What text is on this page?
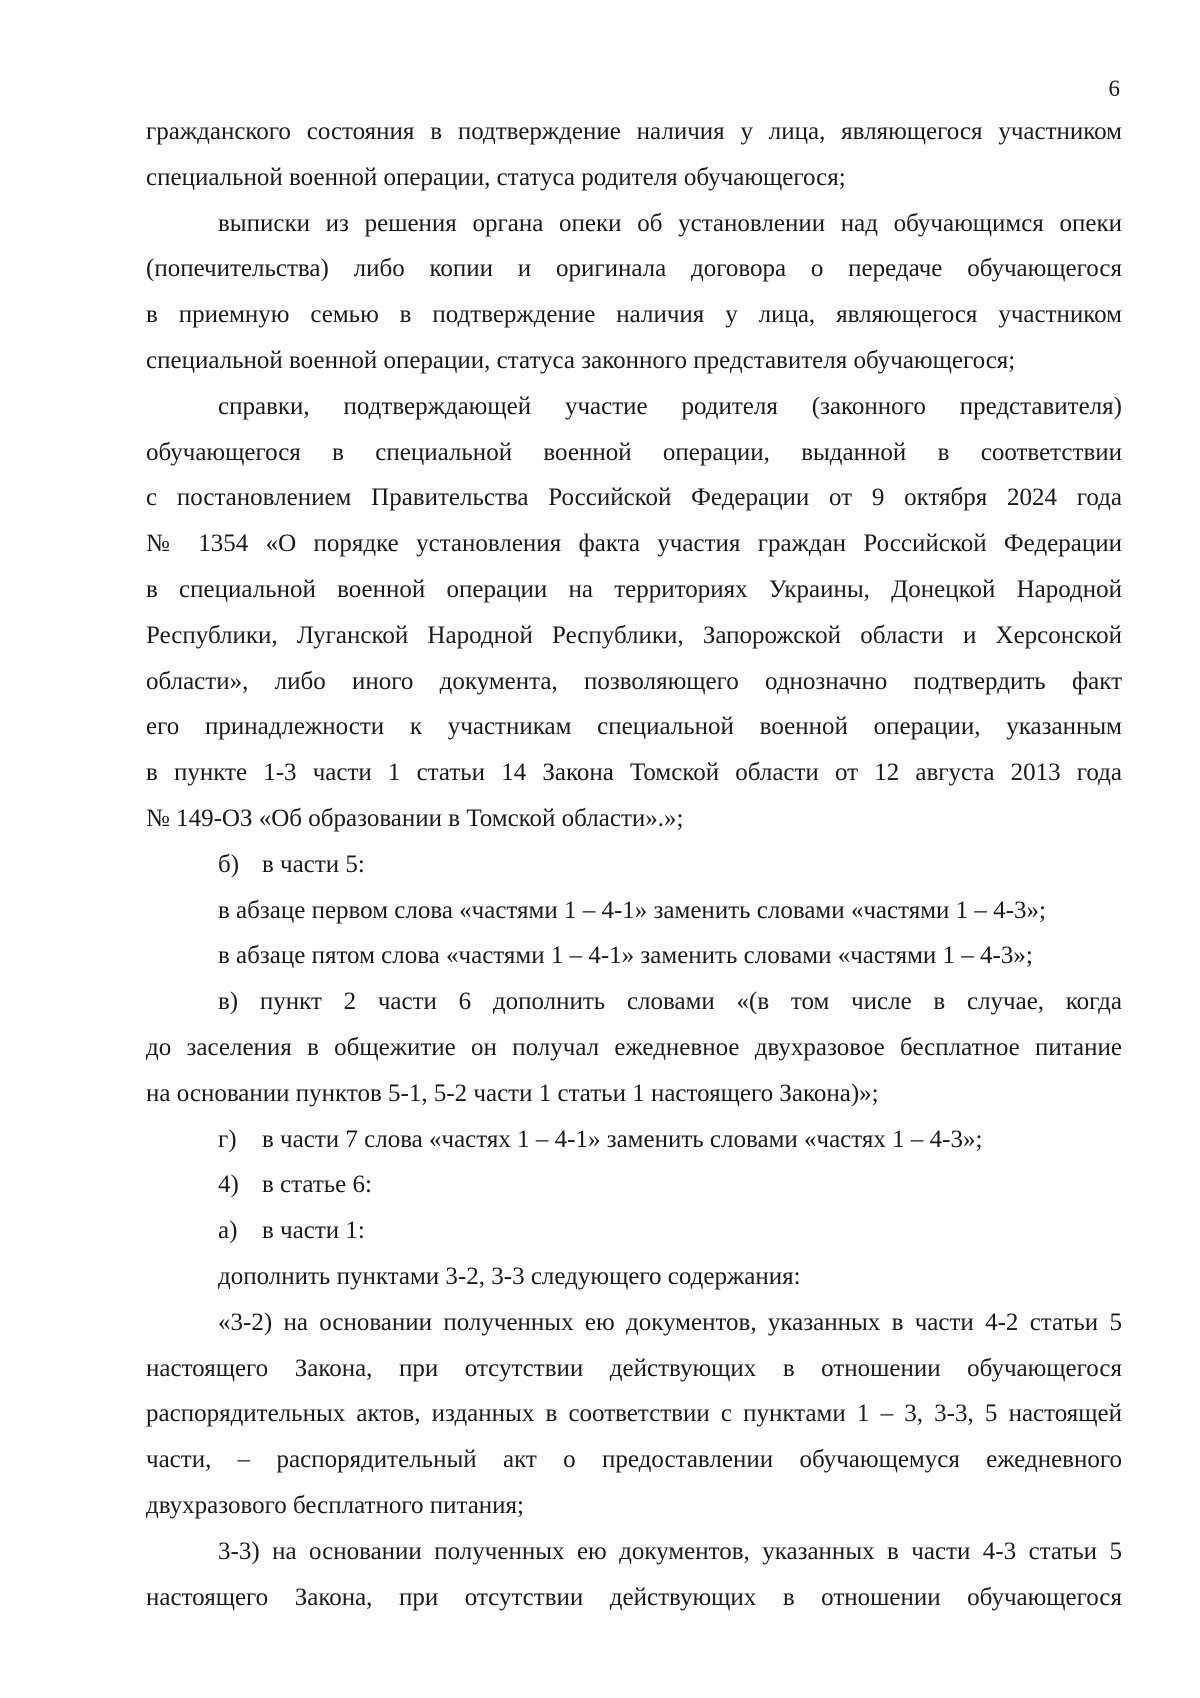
6

гражданского состояния в подтверждение наличия у лица, являющегося участником

специальной военной операции, статуса родителя обучающегося;

выписки из решения органа опеки об установлении над обучающимся опеки

(попечительства) либо копии и оригинала договора о передаче обучающегося

в приемную семью в подтверждение наличия у лица, являющегося участником

специальной военной операции, статуса законного представителя обучающегося;

справки, подтверждающей участие родителя (законного представителя)

обучающегося в специальной военной операции, выданной в соответствии

с постановлением Правительства Российской Федерации от 9 октября 2024 года

№ 1354 «О порядке установления факта участия граждан Российской Федерации

в специальной военной операции на территориях Украины, Донецкой Народной

Республики, Луганской Народной Республики, Запорожской области и Херсонской

области», либо иного документа, позволяющего однозначно подтвердить факт

его принадлежности к участникам специальной военной операции, указанным

в пункте 1-3 части 1 статьи 14 Закона Томской области от 12 августа 2013 года

№ 149-ОЗ «Об образовании в Томской области».»;

б) в части 5:

в абзаце первом слова «частями 1 – 4-1» заменить словами «частями 1 – 4-3»;

в абзаце пятом слова «частями 1 – 4-1» заменить словами «частями 1 – 4-3»;

в) пункт 2 части 6 дополнить словами «(в том числе в случае, когда

до заселения в общежитие он получал ежедневное двухразовое бесплатное питание

на основании пунктов 5-1, 5-2 части 1 статьи 1 настоящего Закона)»;

г) в части 7 слова «частях 1 – 4-1» заменить словами «частях 1 – 4-3»;

4) в статье 6:

а) в части 1:

дополнить пунктами 3-2, 3-3 следующего содержания:

«3-2) на основании полученных ею документов, указанных в части 4-2 статьи 5

настоящего Закона, при отсутствии действующих в отношении обучающегося

распорядительных актов, изданных в соответствии с пунктами 1 – 3, 3-3, 5 настоящей

части, – распорядительный акт о предоставлении обучающемуся ежедневного

двухразового бесплатного питания;

3-3) на основании полученных ею документов, указанных в части 4-3 статьи 5

настоящего Закона, при отсутствии действующих в отношении обучающегося
